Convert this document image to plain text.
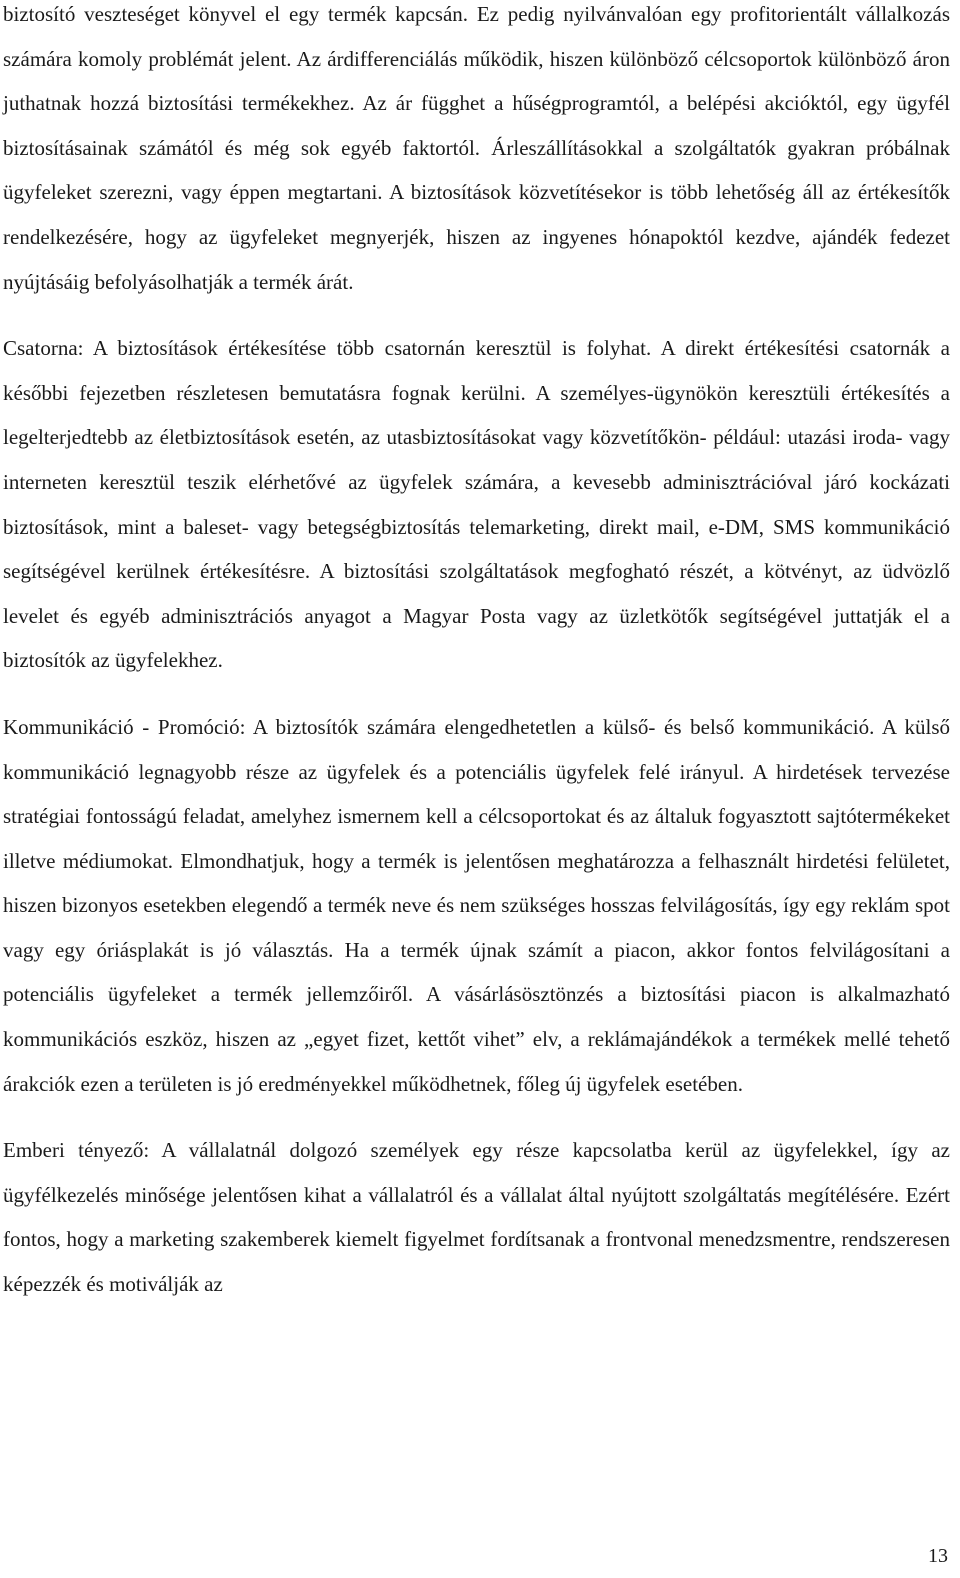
biztosító veszteséget könyvel el egy termék kapcsán. Ez pedig nyilvánvalóan egy profitorientált vállalkozás számára komoly problémát jelent. Az árdifferenciálás működik, hiszen különböző célcsoportok különböző áron juthatnak hozzá biztosítási termékekhez. Az ár függhet a hűségprogramtól, a belépési akcióktól, egy ügyfél biztosításainak számától és még sok egyéb faktortól. Árleszállításokkal a szolgáltatók gyakran próbálnak ügyfeleket szerezni, vagy éppen megtartani. A biztosítások közvetítésekor is több lehetőség áll az értékesítők rendelkezésére, hogy az ügyfeleket megnyerjék, hiszen az ingyenes hónapoktól kezdve, ajándék fedezet nyújtásáig befolyásolhatják a termék árát.

Csatorna: A biztosítások értékesítése több csatornán keresztül is folyhat. A direkt értékesítési csatornák a későbbi fejezetben részletesen bemutatásra fognak kerülni. A személyes-ügynökön keresztüli értékesítés a legelterjedtebb az életbiztosítások esetén, az utasbiztosításokat vagy közvetítőkön- például: utazási iroda- vagy interneten keresztül teszik elérhetővé az ügyfelek számára, a kevesebb adminisztrációval járó kockázati biztosítások, mint a baleset- vagy betegségbiztosítás telemarketing, direkt mail, e-DM, SMS kommunikáció segítségével kerülnek értékesítésre. A biztosítási szolgáltatások megfogható részét, a kötvényt, az üdvözlő levelet és egyéb adminisztrációs anyagot a Magyar Posta vagy az üzletkötők segítségével juttatják el a biztosítók az ügyfelekhez.

Kommunikáció - Promóció: A biztosítók számára elengedhetetlen a külső- és belső kommunikáció. A külső kommunikáció legnagyobb része az ügyfelek és a potenciális ügyfelek felé irányul. A hirdetések tervezése stratégiai fontosságú feladat, amelyhez ismernem kell a célcsoportokat és az általuk fogyasztott sajtótermékeket illetve médiumokat. Elmondhatjuk, hogy a termék is jelentősen meghatározza a felhasznált hirdetési felületet, hiszen bizonyos esetekben elegendő a termék neve és nem szükséges hosszas felvilágosítás, így egy reklám spot vagy egy óriásplakát is jó választás. Ha a termék újnak számít a piacon, akkor fontos felvilágosítani a potenciális ügyfeleket a termék jellemzőiről. A vásárlásösztönzés a biztosítási piacon is alkalmazható kommunikációs eszköz, hiszen az „egyet fizet, kettőt vihet” elv, a reklámajándékok a termékek mellé tehető árakciók ezen a területen is jó eredményekkel működhetnek, főleg új ügyfelek esetében.

Emberi tényező: A vállalatnál dolgozó személyek egy része kapcsolatba kerül az ügyfelekkel, így az ügyfélkezelés minősége jelentősen kihat a vállalatról és a vállalat által nyújtott szolgáltatás megítélésére. Ezért fontos, hogy a marketing szakemberek kiemelt figyelmet fordítsanak a frontvonal menedzsmentre, rendszeresen képezzék és motiválják az

13
